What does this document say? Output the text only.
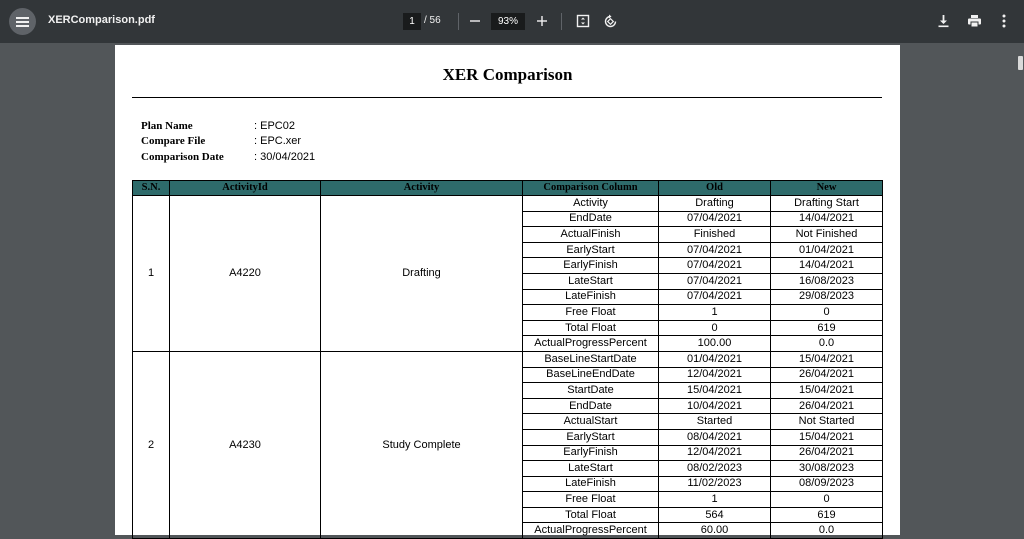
XERComparison.pdf	1 / 56	93%
XER Comparison
Plan Name	: EPC02
Compare File	: EPC.xer
Comparison Date	: 30/04/2021
S.N.	ActivityId	Activity	Comparison Column	Old	New
1	A4220	Drafting	Activity	Drafting	Drafting Start
			EndDate	07/04/2021	14/04/2021
			ActualFinish	Finished	Not Finished
			EarlyStart	07/04/2021	01/04/2021
			EarlyFinish	07/04/2021	14/04/2021
			LateStart	07/04/2021	16/08/2023
			LateFinish	07/04/2021	29/08/2023
			Free Float	1	0
			Total Float	0	619
			ActualProgressPercent	100.00	0.0
2	A4230	Study Complete	BaseLineStartDate	01/04/2021	15/04/2021
			BaseLineEndDate	12/04/2021	26/04/2021
			StartDate	15/04/2021	15/04/2021
			EndDate	10/04/2021	26/04/2021
			ActualStart	Started	Not Started
			EarlyStart	08/04/2021	15/04/2021
			EarlyFinish	12/04/2021	26/04/2021
			LateStart	08/02/2023	30/08/2023
			LateFinish	11/02/2023	08/09/2023
			Free Float	1	0
			Total Float	564	619
			ActualProgressPercent	60.00	0.0
